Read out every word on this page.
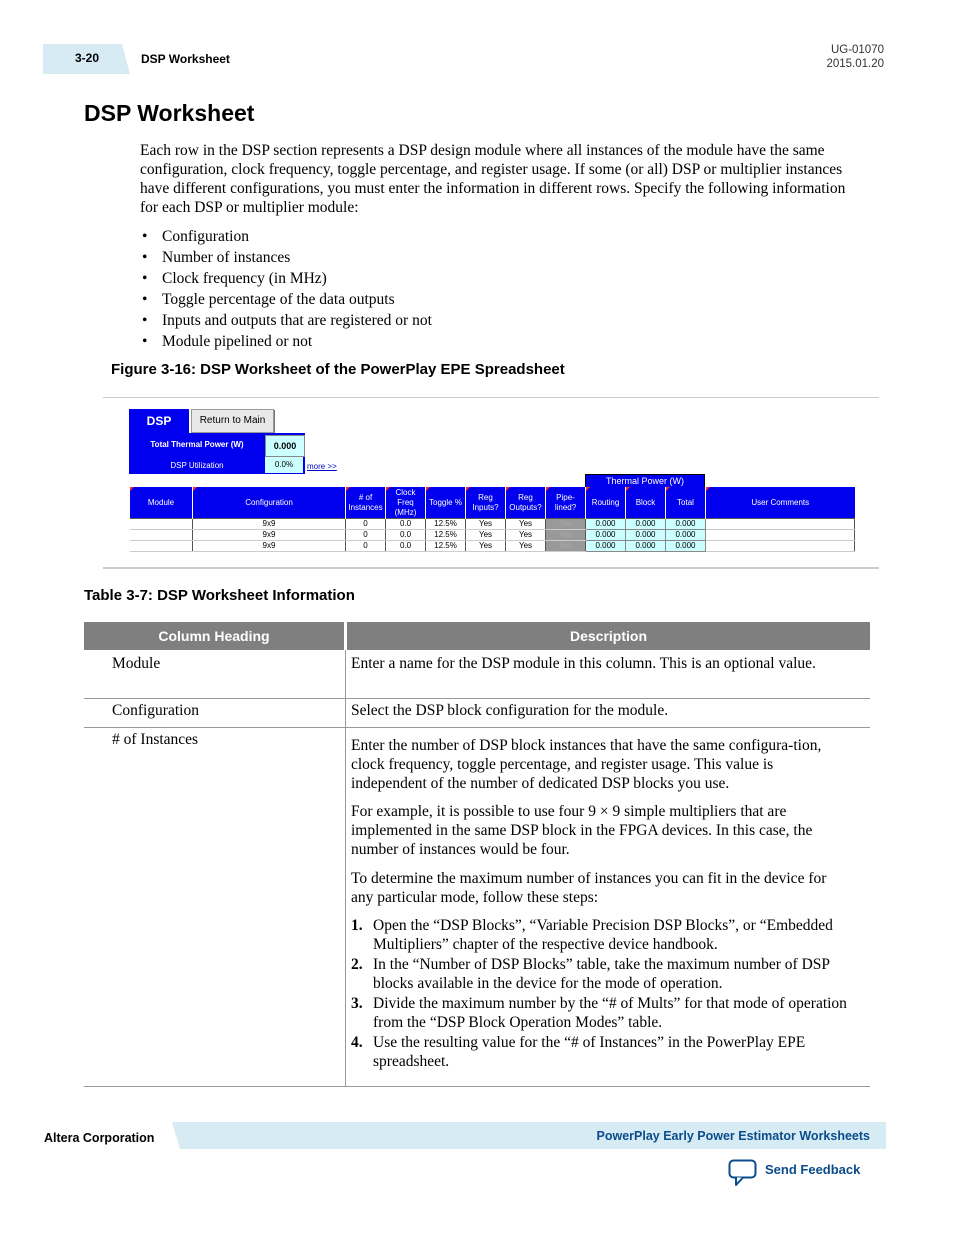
3-20	DSP Worksheet
UG-01070
2015.01.20
DSP Worksheet

Each row in the DSP section represents a DSP design module where all instances of the module have the same configuration, clock frequency, toggle percentage, and register usage. If some (or all) DSP or multiplier instances have different configurations, you must enter the information in different rows. Specify the following information for each DSP or multiplier module:

• Configuration
• Number of instances
• Clock frequency (in MHz)
• Toggle percentage of the data outputs
• Inputs and outputs that are registered or not
• Module pipelined or not

Figure 3-16: DSP Worksheet of the PowerPlay EPE Spreadsheet

DSP	Return to Main
Total Thermal Power (W)	0.000
DSP Utilization	0.0%	more >>
Thermal Power (W)
Module	Configuration	# of Instances	Clock Freq (MHz)	Toggle %	Reg Inputs?	Reg Outputs?	Pipe-lined?	Routing	Block	Total	User Comments
	9x9	0	0.0	12.5%	Yes	Yes	Yes	0.000	0.000	0.000	
	9x9	0	0.0	12.5%	Yes	Yes	Yes	0.000	0.000	0.000	
	9x9	0	0.0	12.5%	Yes	Yes	Yes	0.000	0.000	0.000	

Table 3-7: DSP Worksheet Information

Column Heading	Description
Module	Enter a name for the DSP module in this column. This is an optional value.
Configuration	Select the DSP block configuration for the module.
# of Instances	Enter the number of DSP block instances that have the same configura-tion, clock frequency, toggle percentage, and register usage. This value is independent of the number of dedicated DSP blocks you use.
For example, it is possible to use four 9 × 9 simple multipliers that are implemented in the same DSP block in the FPGA devices. In this case, the number of instances would be four.
To determine the maximum number of instances you can fit in the device for any particular mode, follow these steps:
1. Open the “DSP Blocks”, “Variable Precision DSP Blocks”, or “Embedded Multipliers” chapter of the respective device handbook.
2. In the “Number of DSP Blocks” table, take the maximum number of DSP blocks available in the device for the mode of operation.
3. Divide the maximum number by the “# of Mults” for that mode of operation from the “DSP Block Operation Modes” table.
4. Use the resulting value for the “# of Instances” in the PowerPlay EPE spreadsheet.
Altera Corporation	PowerPlay Early Power Estimator Worksheets
Send Feedback
